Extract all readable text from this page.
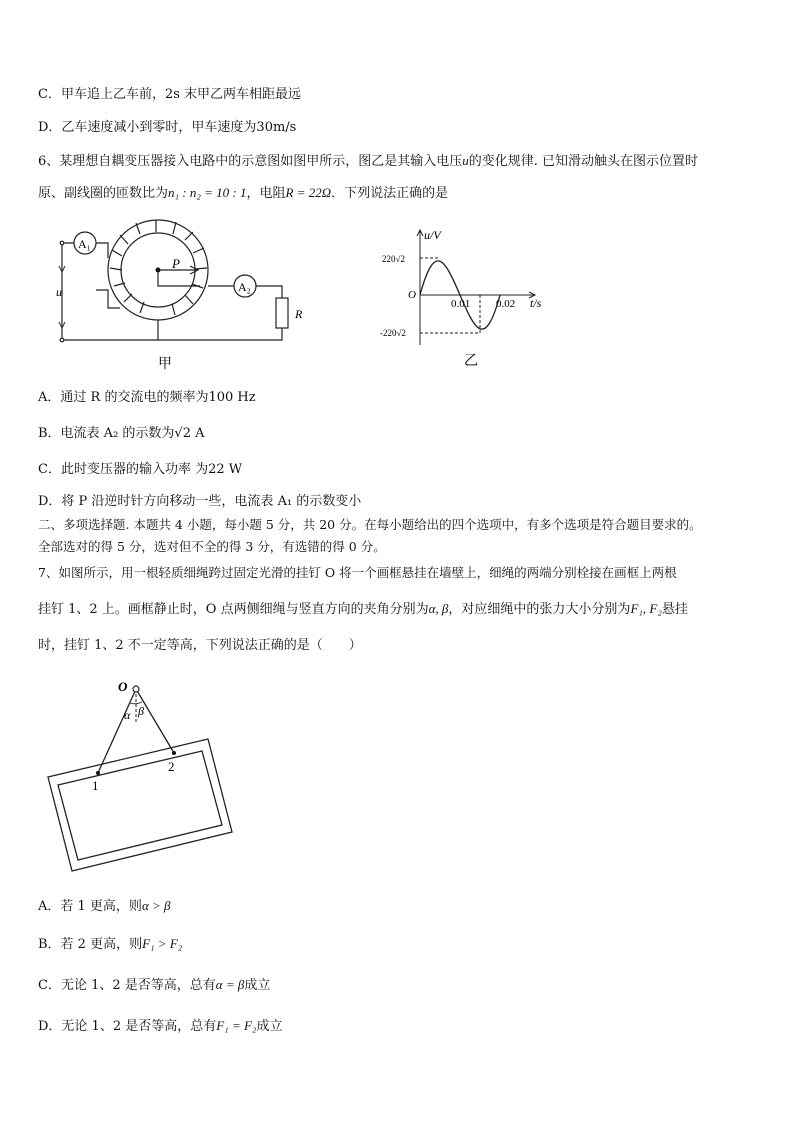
C．甲车追上乙车前，2s 末甲乙两车相距最远
D．乙车速度减小到零时，甲车速度为30m/s
6、某理想自耦变压器接入电路中的示意图如图甲所示，图乙是其输入电压u的变化规律. 已知滑动触头在图示位置时
原、副线圈的匝数比为n₁ : n₂ = 10 : 1，电阻R = 22Ω．下列说法正确的是
A₁
A₂
P
u
R
甲
u/V
t/s
O
220√2
-220√2
0.01 0.02
乙
A．通过 R 的交流电的频率为100 Hz
B．电流表 A₂ 的示数为√2 A
C．此时变压器的输入功率 为22 W
D．将 P 沿逆时针方向移动一些，电流表 A₁ 的示数变小
二、多项选择题. 本题共 4 小题，每小题 5 分，共 20 分。在每小题给出的四个选项中，有多个选项是符合题目要求的。
全部选对的得 5 分，选对但不全的得 3 分，有选错的得 0 分。
7、如图所示，用一根轻质细绳跨过固定光滑的挂钉 O 将一个画框悬挂在墙壁上，细绳的两端分别栓接在画框上两根
挂钉 1、2 上。画框静止时，O 点两侧细绳与竖直方向的夹角分别为α, β，对应细绳中的张力大小分别为F₁, F₂悬挂
时，挂钉 1、2 不一定等高，下列说法正确的是（　　）
O
α β
1
2
A．若 1 更高，则α > β
B．若 2 更高，则F₁ > F₂
C．无论 1、2 是否等高，总有α = β成立
D．无论 1、2 是否等高，总有F₁ = F₂成立
